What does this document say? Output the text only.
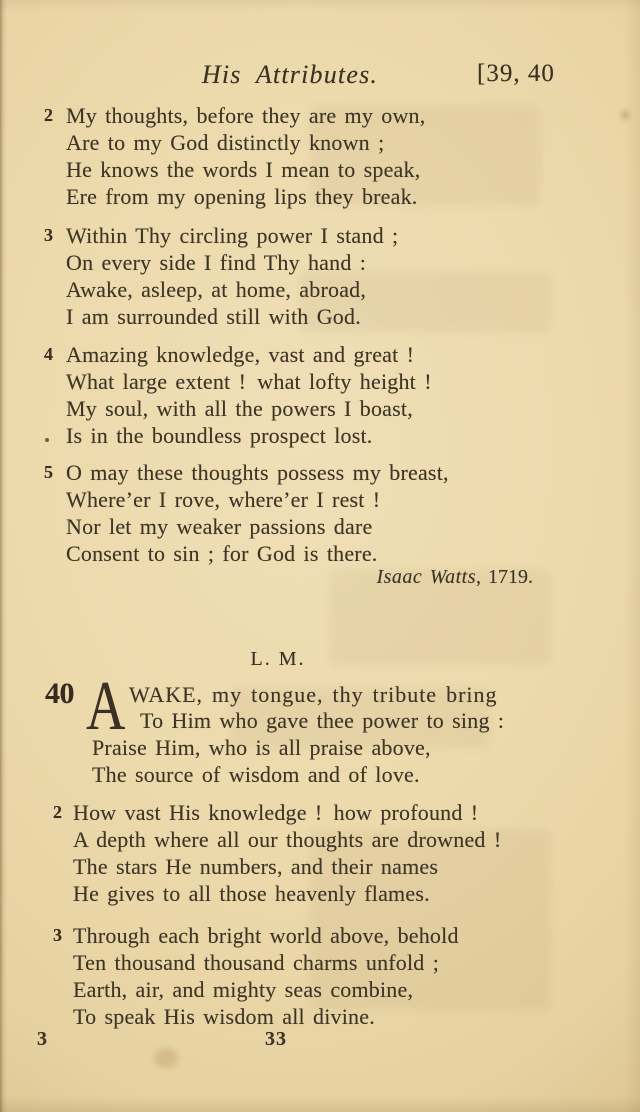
His Attributes.	[39, 40
2 My thoughts, before they are my own,
Are to my God distinctly known ;
He knows the words I mean to speak,
Ere from my opening lips they break.
3 Within Thy circling power I stand ;
On every side I find Thy hand :
Awake, asleep, at home, abroad,
I am surrounded still with God.
4 Amazing knowledge, vast and great !
What large extent ! what lofty height !
My soul, with all the powers I boast,
Is in the boundless prospect lost.
5 O may these thoughts possess my breast,
Where’er I rove, where’er I rest !
Nor let my weaker passions dare
Consent to sin ; for God is there.
Isaac Watts, 1719.
L. M.
40 A WAKE, my tongue, thy tribute bring
To Him who gave thee power to sing :
Praise Him, who is all praise above,
The source of wisdom and of love.
2 How vast His knowledge ! how profound !
A depth where all our thoughts are drowned !
The stars He numbers, and their names
He gives to all those heavenly flames.
3 Through each bright world above, behold
Ten thousand thousand charms unfold ;
Earth, air, and mighty seas combine,
To speak His wisdom all divine.
3	33
